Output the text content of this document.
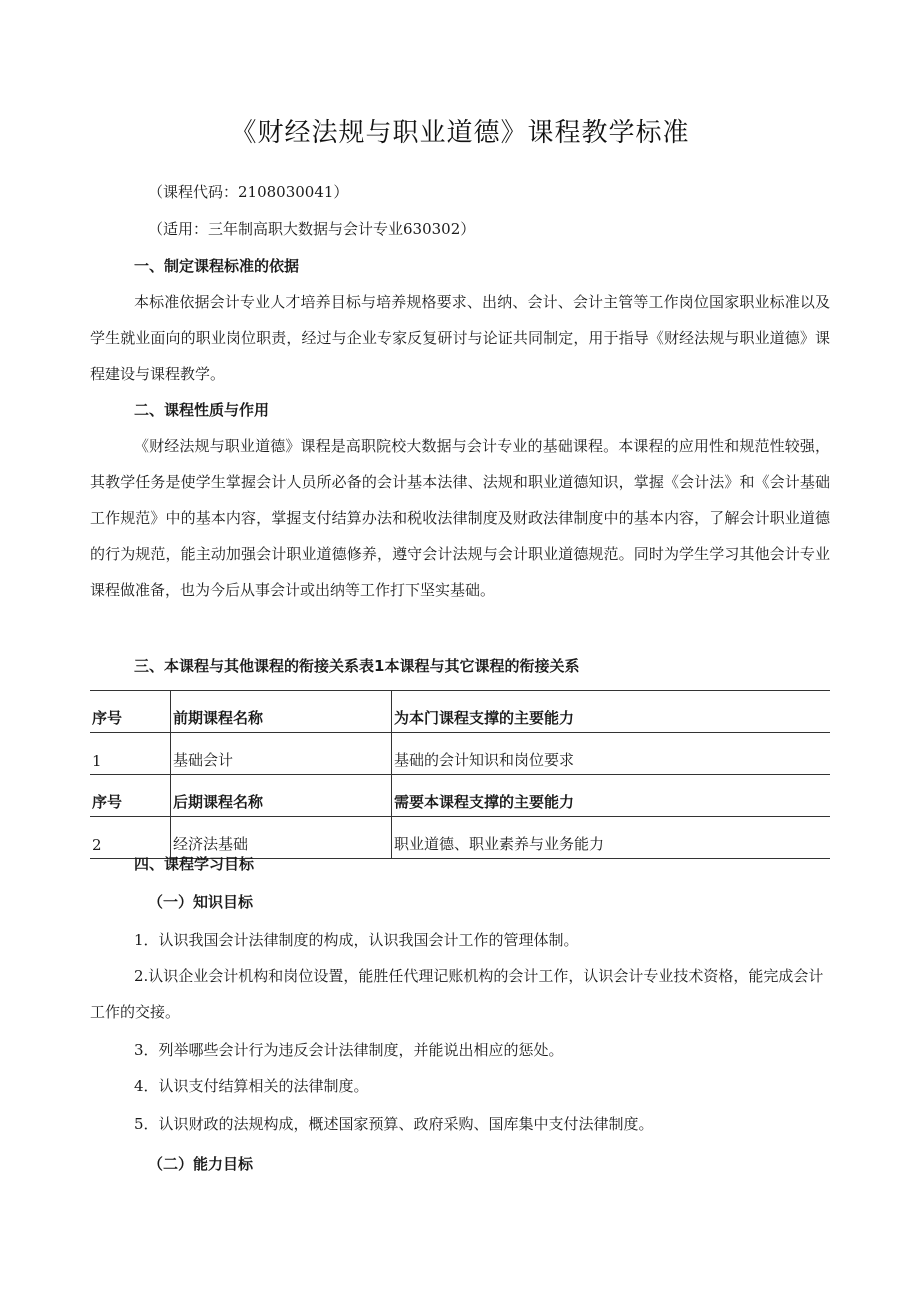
《财经法规与职业道德》课程教学标准
（课程代码：2108030041）
（适用：三年制高职大数据与会计专业630302）
一、制定课程标准的依据
本标准依据会计专业人才培养目标与培养规格要求、出纳、会计、会计主管等工作岗位国家职业标准以及学生就业面向的职业岗位职责，经过与企业专家反复研讨与论证共同制定，用于指导《财经法规与职业道德》课程建设与课程教学。
二、课程性质与作用
《财经法规与职业道德》课程是高职院校大数据与会计专业的基础课程。本课程的应用性和规范性较强，其教学任务是使学生掌握会计人员所必备的会计基本法律、法规和职业道德知识，掌握《会计法》和《会计基础工作规范》中的基本内容，掌握支付结算办法和税收法律制度及财政法律制度中的基本内容，了解会计职业道德的行为规范，能主动加强会计职业道德修养，遵守会计法规与会计职业道德规范。同时为学生学习其他会计专业课程做准备，也为今后从事会计或出纳等工作打下坚实基础。
三、本课程与其他课程的衔接关系表1本课程与其它课程的衔接关系
序号	前期课程名称	为本门课程支撑的主要能力
1	基础会计	基础的会计知识和岗位要求
序号	后期课程名称	需要本课程支撑的主要能力
2	经济法基础	职业道德、职业素养与业务能力
四、课程学习目标
（一）知识目标
1．认识我国会计法律制度的构成，认识我国会计工作的管理体制。
2.认识企业会计机构和岗位设置，能胜任代理记账机构的会计工作，认识会计专业技术资格，能完成会计工作的交接。
3．列举哪些会计行为违反会计法律制度，并能说出相应的惩处。
4．认识支付结算相关的法律制度。
5．认识财政的法规构成，概述国家预算、政府采购、国库集中支付法律制度。
（二）能力目标
